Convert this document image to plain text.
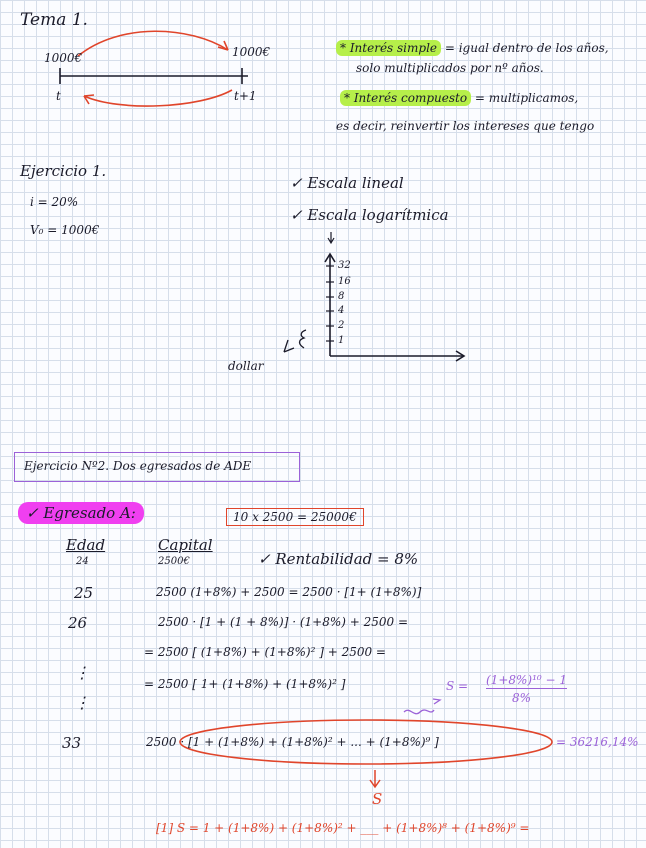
Tema 1.
1000€	1000€
t	t+1
* Interés simple = igual dentro de los años,
solo multiplicados por nº años.
* Interés compuesto = multiplicamos,
es decir, reinvertir los intereses que tengo
Ejercicio 1.
i = 20%
V₀ = 1000€
✓ Escala lineal
✓ Escala logarítmica
32
16
8
4
2
1
dollar
Ejercicio Nº2. Dos egresados de ADE
✓ Egresado A:	10 x 2500 = 25000€
Edad
24
Capital
2500€	✓ Rentabilidad = 8%
25	2500 (1+8%) + 2500 = 2500 · [1+ (1+8%)]
26	2500 · [1 + (1 + 8%)] · (1+8%) + 2500 =
= 2500 [ (1+8%) + (1+8%)² ] + 2500 =
= 2500 [ 1+ (1+8%) + (1+8%)² ]
⋮
⋮
S = (1+8%)¹⁰ − 1
8%
33	2500 · [1 + (1+8%) + (1+8%)² + ... + (1+8%)⁹ ]	= 36216,14%
S
[1] S = 1 + (1+8%) + (1+8%)² + ___ + (1+8%)⁸ + (1+8%)⁹ =
